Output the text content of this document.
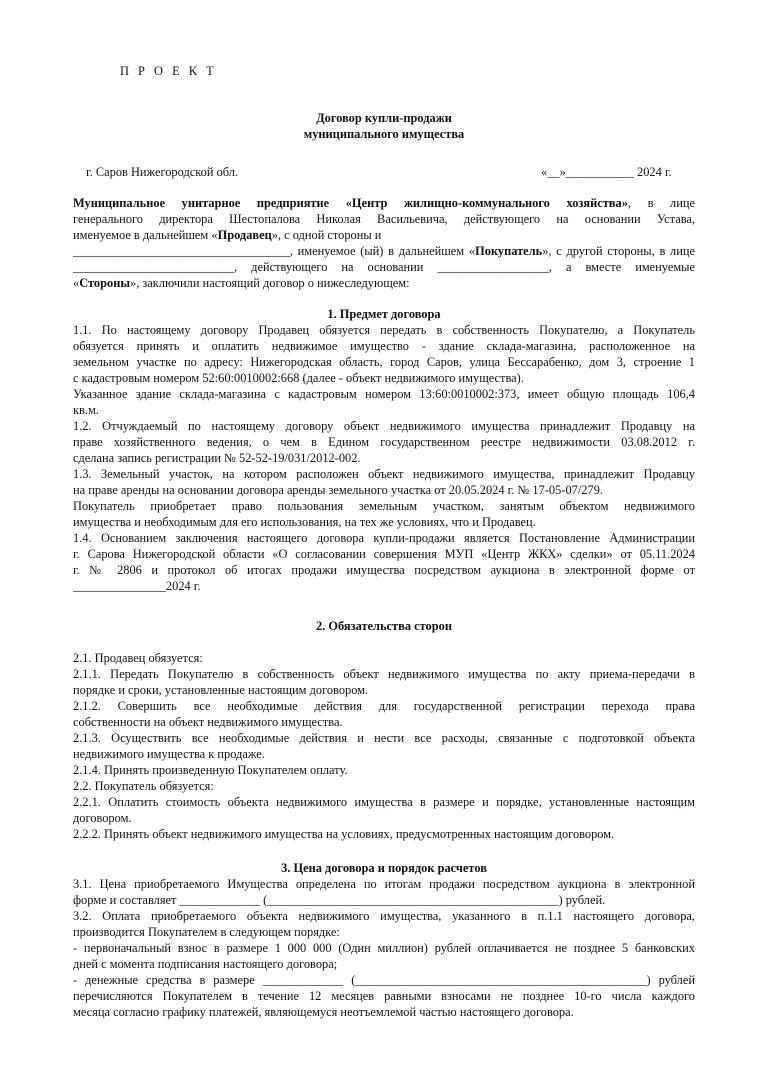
П Р О Е К Т
Договор купли-продажи
муниципального имущества
г. Саров Нижегородской обл.	«__»___________ 2024 г.
Муниципальное унитарное предприятие «Центр жилищно-коммунального хозяйства», в лице
генерального директора Шестопалова Николая Васильевича, действующего на основании Устава,
именуемое в дальнейшем «Продавец», с одной стороны и
___________________________________, именуемое (ый) в дальнейшем «Покупатель», с другой стороны, в лице
__________________________, действующего на основании __________________, а вместе именуемые
«Стороны», заключили настоящий договор о нижеследующем:
1. Предмет договора
1.1. По настоящему договору Продавец обязуется передать в собственность Покупателю, а Покупатель
обязуется принять и оплатить недвижимое имущество - здание склада-магазина, расположенное на
земельном участке по адресу: Нижегородская область, город Саров, улица Бессарабенко, дом 3, строение 1
с кадастровым номером 52:60:0010002:668 (далее - объект недвижимого имущества).
Указанное здание склада-магазина с кадастровым номером 13:60:0010002:373, имеет общую площадь 106,4
кв.м.
1.2. Отчуждаемый по настоящему договору объект недвижимого имущества принадлежит Продавцу на
праве хозяйственного ведения, о чем в Едином государственном реестре недвижимости 03.08.2012 г.
сделана запись регистрации № 52-52-19/031/2012-002.
1.3. Земельный участок, на котором расположен объект недвижимого имущества, принадлежит Продавцу
на праве аренды на основании договора аренды земельного участка от 20.05.2024 г. № 17-05-07/279.
Покупатель приобретает право пользования земельным участком, занятым объектом недвижимого
имущества и необходимым для его использования, на тех же условиях, что и Продавец.
1.4. Основанием заключения настоящего договора купли-продажи является Постановление Администрации
г. Сарова Нижегородской области «О согласовании совершения МУП «Центр ЖКХ» сделки» от 05.11.2024
г. № 2806 и протокол об итогах продажи имущества посредством аукциона в электронной форме от
_______________2024 г.
2. Обязательства сторон
2.1. Продавец обязуется:
2.1.1. Передать Покупателю в собственность объект недвижимого имущества по акту приема-передачи в
порядке и сроки, установленные настоящим договором.
2.1.2. Совершить все необходимые действия для государственной регистрации перехода права
собственности на объект недвижимого имущества.
2.1.3. Осуществить все необходимые действия и нести все расходы, связанные с подготовкой объекта
недвижимого имущества к продаже.
2.1.4. Принять произведенную Покупателем оплату.
2.2. Покупатель обязуется:
2.2.1. Оплатить стоимость объекта недвижимого имущества в размере и порядке, установленные настоящим
договором.
2.2.2. Принять объект недвижимого имущества на условиях, предусмотренных настоящим договором.
3. Цена договора и порядок расчетов
3.1. Цена приобретаемого Имущества определена по итогам продажи посредством аукциона в электронной
форме и составляет _____________ (_______________________________________________) рублей.
3.2. Оплата приобретаемого объекта недвижимого имущества, указанного в п.1.1 настоящего договора,
производится Покупателем в следующем порядке:
- первоначальный взнос в размере 1 000 000 (Один миллион) рублей оплачивается не позднее 5 банковских
дней с момента подписания настоящего договора;
- денежные средства в размере _____________ (_______________________________________________) рублей
перечисляются Покупателем в течение 12 месяцев равными взносами не позднее 10-го числа каждого
месяца согласно графику платежей, являющемуся неотъемлемой частью настоящего договора.
